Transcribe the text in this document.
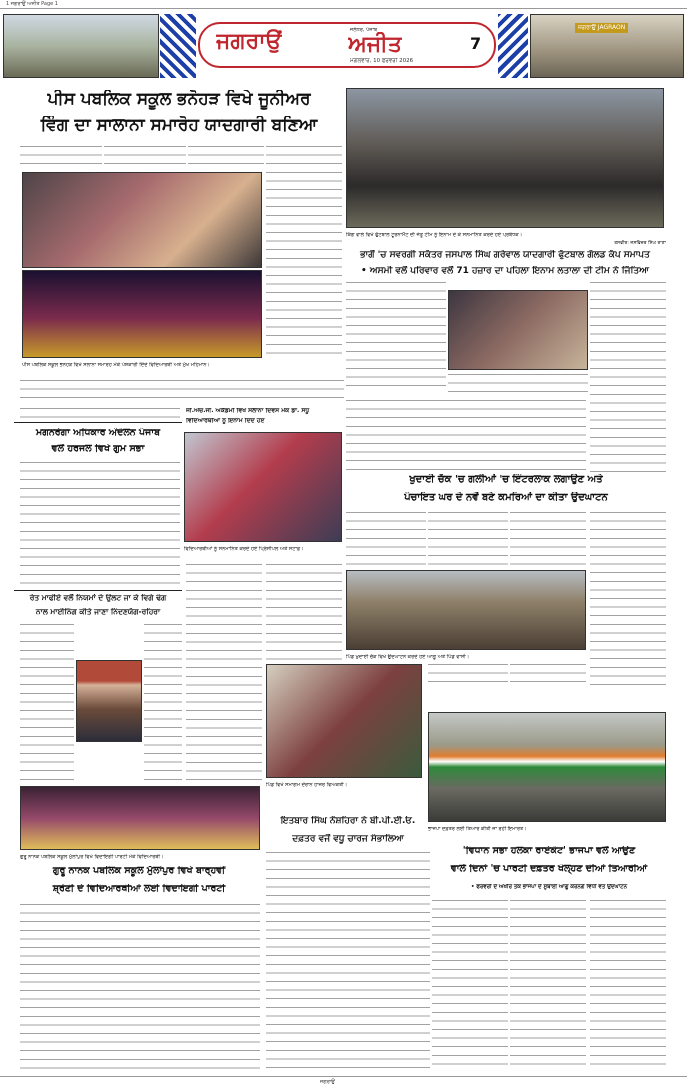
1 ਜਗਰਾਉਂ ਅਜੀਤ Page 1
ਜਗਰਾਉਂ	ਜਲੰਧਰ, ਪੰਜਾਬ
ਅਜੀਤ
ਮੰਗਲਵਾਰ, 10 ਫਰਵਰੀ 2026
7
ਜਗਰਾਉਂ JAGRAON
ਪੀਸ ਪਬਲਿਕ ਸਕੂਲ ਭਨੋਹੜ ਵਿਖੇ ਜੂਨੀਅਰ
ਵਿੰਗ ਦਾ ਸਾਲਾਨਾ ਸਮਾਰੋਹ ਯਾਦਗਾਰੀ ਬਣਿਆ
ਪੀਸ ਪਬਲਿਕ ਸਕੂਲ ਭਨੋਹੜ ਵਿਖੇ ਸਲਾਨਾ ਸਮਾਰੋਹ ਮੌਕੇ ਪੇਸ਼ਕਾਰੀ ਦਿੰਦੇ ਵਿਦਿਆਰਥੀ ਅਤੇ ਮੁੱਖ ਮਹਿਮਾਨ।
ਕਿੰਗ ਵਾਲੇ ਵਿਖੇ ਫੁੱਟਬਾਲ ਟੂਰਨਾਮੈਂਟ ਦੀ ਜੇਤੂ ਟੀਮ ਨੂੰ ਇਨਾਮ ਦੇ ਕੇ ਸਨਮਾਨਿਤ ਕਰਦੇ ਹੋਏ ਪ੍ਰਬੰਧਕ।
ਤਸਵੀਰ: ਜਸਵਿੰਦਰ ਸਿੰਘ ਰਾਣਾ
ਭਾਗੋਂ 'ਚ ਸਵਰਗੀ ਸਕੱਤਰ ਜਸਪਾਲ ਸਿੰਘ ਗਰੇਵਾਲ ਯਾਦਗਾਰੀ ਫੁੱਟਬਾਲ ਗੋਲਡ ਕੱਪ ਸਮਾਪਤ
• ਅਸਮੀ ਵਲੋਂ ਪਰਿਵਾਰ ਵਲੋਂ 71 ਹਜ਼ਾਰ ਦਾ ਪਹਿਲਾ ਇਨਾਮ ਲਤਾਲਾ ਦੀ ਟੀਮ ਨੇ ਜਿੱਤਿਆ
ਮਗਨਰੇਗਾ ਅਧਿਕਾਰ ਅੰਦੋਲਨ ਪੰਜਾਬ
ਵਲੋਂ ਹਰਜਲ ਵਿਖੇ ਗੁਮ ਸਭਾ
ਰੇਤ ਮਾਫੀਏ ਵਲੋਂ ਨਿਯਮਾਂ ਦੇ ਉਲਟ ਜਾ ਕੇ ਵਿਗੇ ਢੰਗ
ਨਾਲ ਮਾਈਨਿੰਗ ਕੀਤੇ ਜਾਣਾ ਨਿੰਦਣਯੋਗ-ਰਹਿਰਾ
ਗੁਰੂ ਨਾਨਕ ਪਬਲਿਕ ਸਕੂਲ ਮੁੱਲਾਂਪੁਰ ਵਿਖੇ ਵਿਦਾਇਗੀ ਪਾਰਟੀ ਮੌਕੇ ਵਿਦਿਆਰਥੀ।
ਗੁਰੂ ਨਾਨਕ ਪਬਲਿਕ ਸਕੂਲ ਮੁੱਲਾਂਪੁਰ ਵਿਖੇ ਬਾਰ੍ਹਵੀਂ
ਸ਼੍ਰੇਣੀ ਦੇ ਵਿਦਿਆਰਥੀਆਂ ਲਈ ਵਿਦਾਇਗੀ ਪਾਰਟੀ
ਜੀ.ਐਚ.ਜੀ. ਅਕੈਡਮੀ ਵਿਖੇ ਸਲਾਨਾ ਦਿਵਸ ਮੌਕੇ ਡਾ. ਸੰਧੂ
ਵਿਦਿਆਰਥੀਆਂ ਨੂੰ ਇਨਾਮ ਦਿੰਦੇ ਹੋਏ
ਵਿਦਿਆਰਥੀਆਂ ਨੂੰ ਸਨਮਾਨਿਤ ਕਰਦੇ ਹੋਏ ਪ੍ਰਿੰਸੀਪਲ ਅਤੇ ਸਟਾਫ਼।
ਪਿੰਡ ਵਿਖੇ ਸਮਾਗਮ ਦੌਰਾਨ ਹਾਜ਼ਰ ਵਿਅਕਤੀ।
ਇਤਬਾਰ ਸਿੰਘ ਨੌਸ਼ਹਿਰਾ ਨੇ ਬੀ.ਪੀ.ਈ.ਓ.
ਦਫ਼ਤਰ ਵਜੋਂ ਵਧੂ ਚਾਰਜ ਸੰਭਾਲਿਆ
ਖੁਦਾਈ ਚੱਕ 'ਚ ਗਲੀਆਂ 'ਚ ਇੰਟਰਲਾਕ ਲਗਾਉਣ ਅਤੇ
ਪੰਚਾਇਤ ਘਰ ਦੇ ਨਵੇਂ ਬਣੇ ਕਮਰਿਆਂ ਦਾ ਕੀਤਾ ਉਦਘਾਟਨ
ਪਿੰਡ ਖੁਦਾਈ ਚੱਕ ਵਿਖੇ ਉਦਘਾਟਨ ਕਰਦੇ ਹੋਏ ਆਗੂ ਅਤੇ ਪਿੰਡ ਵਾਸੀ।
ਭਾਜਪਾ ਦਫ਼ਤਰ ਲਈ ਤਿਆਰ ਕੀਤੀ ਜਾ ਰਹੀ ਇਮਾਰਤ।
'ਵਿਧਾਨ ਸਭਾ ਹਲਕਾ ਰਾਏਕੋਟ' ਭਾਜਪਾ ਵਲੋਂ ਆਉਣ
ਵਾਲੇ ਦਿਨਾਂ 'ਚ ਪਾਰਟੀ ਦਫ਼ਤਰ ਖੋਲ੍ਹਣ ਦੀਆਂ ਤਿਆਰੀਆਂ
• ਫਰਵਰੀ ਦੇ ਅਖੀਰ ਤਕ ਭਾਜਪਾ ਦੇ ਸੂਬਾਈ ਆਗੂ ਕਰਨਗੇ ਵਿਧੀ ਵਤ ਉਦਘਾਟਨ
ਜਗਰਾਉਂ
